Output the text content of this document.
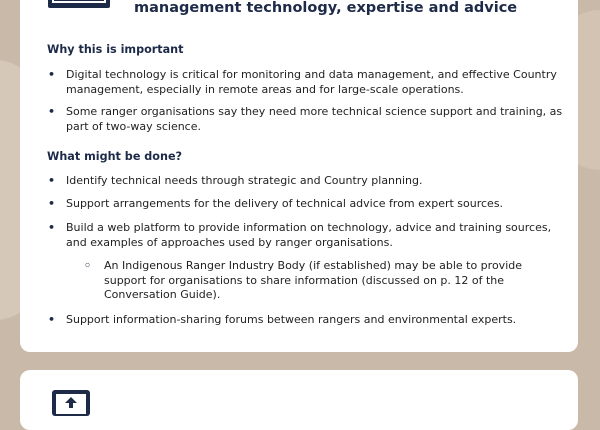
management technology, expertise and advice
Why this is important
• Digital technology is critical for monitoring and data management, and effective Country management, especially in remote areas and for large-scale operations.
• Some ranger organisations say they need more technical science support and training, as part of two-way science.
What might be done?
• Identify technical needs through strategic and Country planning.
• Support arrangements for the delivery of technical advice from expert sources.
• Build a web platform to provide information on technology, advice and training sources, and examples of approaches used by ranger organisations.
◦ An Indigenous Ranger Industry Body (if established) may be able to provide support for organisations to share information (discussed on p. 12 of the Conversation Guide).
• Support information-sharing forums between rangers and environmental experts.
